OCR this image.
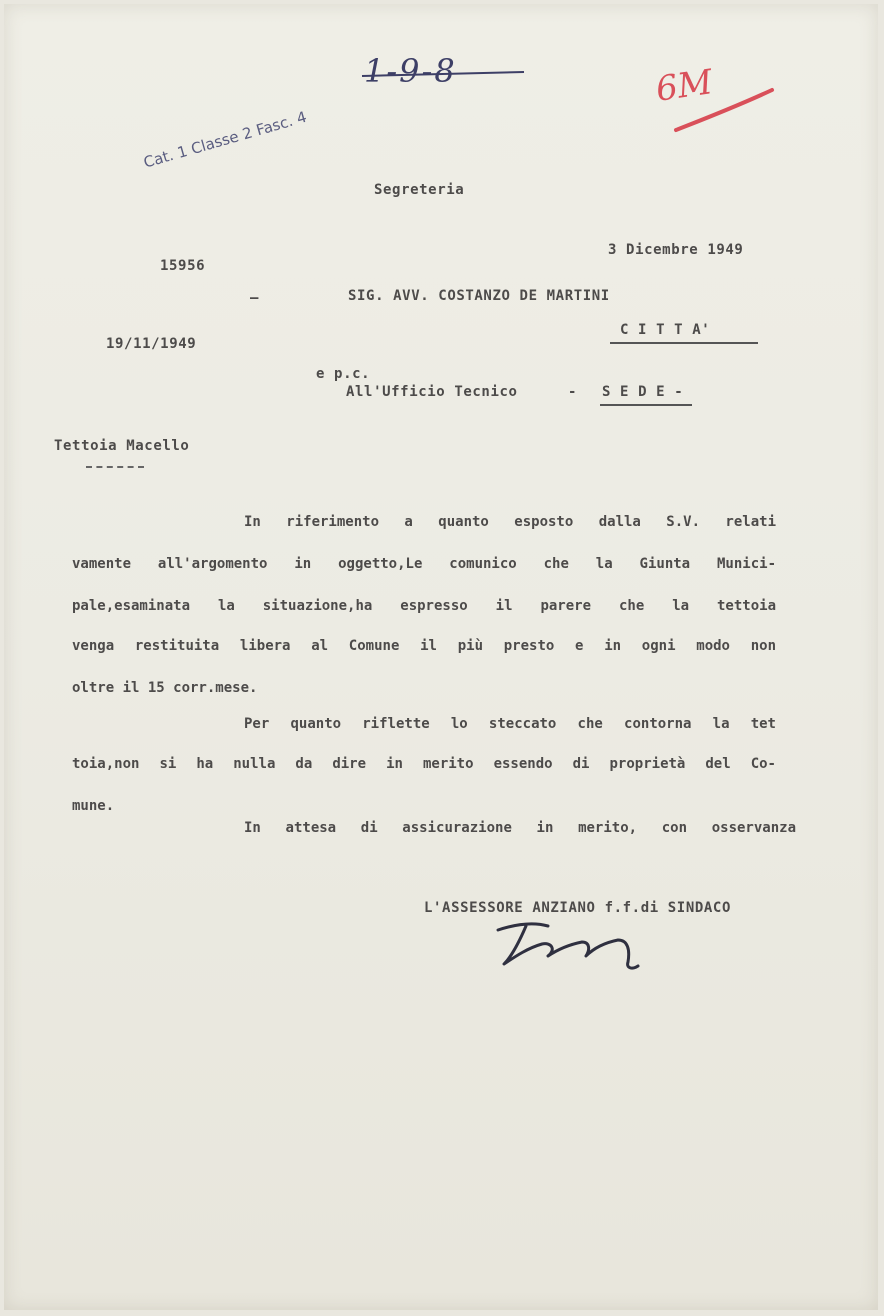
1-9-8	6M
Cat. 1 Classe 2 Fasc. 4
Segreteria
3 Dicembre 1949
15956
—	SIG. AVV. COSTANZO DE MARTINI
C I T T A'
19/11/1949
e p.c.
All'Ufficio Tecnico	- S E D E -
Tettoia Macello
In riferimento a quanto esposto dalla S.V. relati
vamente all'argomento in oggetto,Le comunico che la Giunta Munici-
pale,esaminata la situazione,ha espresso il parere che la tettoia
venga restituita libera al Comune il più presto e in ogni modo non
oltre il 15 corr.mese.
Per quanto riflette lo steccato che contorna la tet
toia,non si ha nulla da dire in merito essendo di proprietà del Co-
mune.
In attesa di assicurazione in merito, con osservanza
L'ASSESSORE ANZIANO f.f.di SINDACO
